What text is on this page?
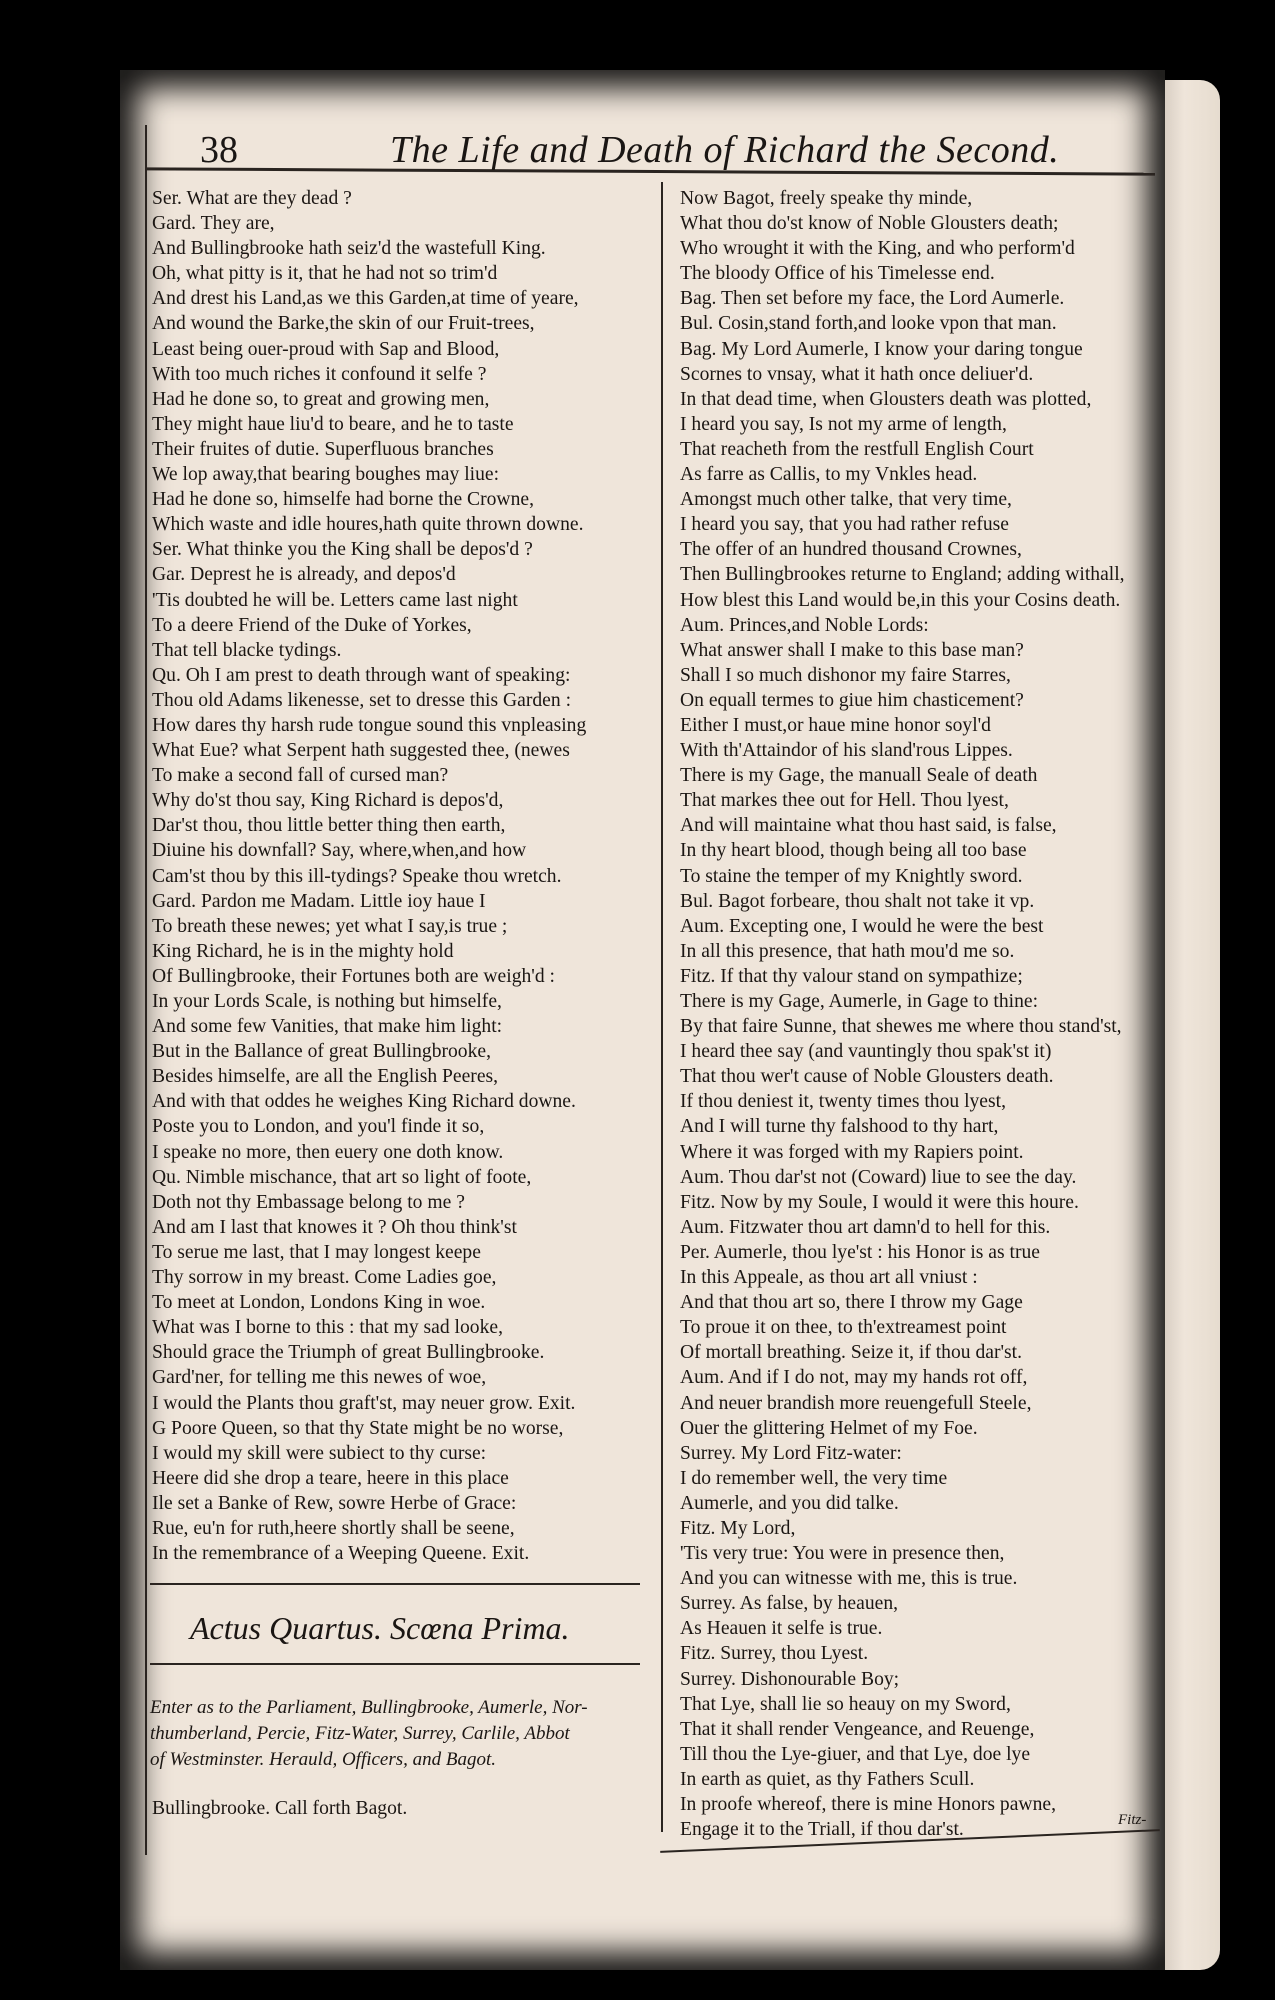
38	The Life and Death of Richard the Second.
Ser. What are they dead ?
Gard. They are,
And Bullingbrooke hath seiz'd the wastefull King.
Oh, what pitty is it, that he had not so trim'd
And drest his Land,as we this Garden,at time of yeare,
And wound the Barke,the skin of our Fruit-trees,
Least being ouer-proud with Sap and Blood,
With too much riches it confound it selfe ?
Had he done so, to great and growing men,
They might haue liu'd to beare, and he to taste
Their fruites of dutie. Superfluous branches
We lop away,that bearing boughes may liue:
Had he done so, himselfe had borne the Crowne,
Which waste and idle houres,hath quite thrown downe.
Ser. What thinke you the King shall be depos'd ?
Gar. Deprest he is already, and depos'd
'Tis doubted he will be. Letters came last night
To a deere Friend of the Duke of Yorkes,
That tell blacke tydings.
Qu. Oh I am prest to death through want of speaking:
Thou old Adams likenesse, set to dresse this Garden :
How dares thy harsh rude tongue sound this vnpleasing
What Eue? what Serpent hath suggested thee, (newes
To make a second fall of cursed man?
Why do'st thou say, King Richard is depos'd,
Dar'st thou, thou little better thing then earth,
Diuine his downfall? Say, where,when,and how
Cam'st thou by this ill-tydings? Speake thou wretch.
Gard. Pardon me Madam. Little ioy haue I
To breath these newes; yet what I say,is true ;
King Richard, he is in the mighty hold
Of Bullingbrooke, their Fortunes both are weigh'd :
In your Lords Scale, is nothing but himselfe,
And some few Vanities, that make him light:
But in the Ballance of great Bullingbrooke,
Besides himselfe, are all the English Peeres,
And with that oddes he weighes King Richard downe.
Poste you to London, and you'l finde it so,
I speake no more, then euery one doth know.
Qu. Nimble mischance, that art so light of foote,
Doth not thy Embassage belong to me ?
And am I last that knowes it ? Oh thou think'st
To serue me last, that I may longest keepe
Thy sorrow in my breast. Come Ladies goe,
To meet at London, Londons King in woe.
What was I borne to this : that my sad looke,
Should grace the Triumph of great Bullingbrooke.
Gard'ner, for telling me this newes of woe,
I would the Plants thou graft'st, may neuer grow. Exit.
G Poore Queen, so that thy State might be no worse,
I would my skill were subiect to thy curse:
Heere did she drop a teare, heere in this place
Ile set a Banke of Rew, sowre Herbe of Grace:
Rue, eu'n for ruth,heere shortly shall be seene,
In the remembrance of a Weeping Queene. Exit.
Actus Quartus. Scœna Prima.
Enter as to the Parliament, Bullingbrooke, Aumerle, Nor-
thumberland, Percie, Fitz-Water, Surrey, Carlile, Abbot
of Westminster. Herauld, Officers, and Bagot.
Bullingbrooke. Call forth Bagot.
Now Bagot, freely speake thy minde,
What thou do'st know of Noble Glousters death;
Who wrought it with the King, and who perform'd
The bloody Office of his Timelesse end.
Bag. Then set before my face, the Lord Aumerle.
Bul. Cosin,stand forth,and looke vpon that man.
Bag. My Lord Aumerle, I know your daring tongue
Scornes to vnsay, what it hath once deliuer'd.
In that dead time, when Glousters death was plotted,
I heard you say, Is not my arme of length,
That reacheth from the restfull English Court
As farre as Callis, to my Vnkles head.
Amongst much other talke, that very time,
I heard you say, that you had rather refuse
The offer of an hundred thousand Crownes,
Then Bullingbrookes returne to England; adding withall,
How blest this Land would be,in this your Cosins death.
Aum. Princes,and Noble Lords:
What answer shall I make to this base man?
Shall I so much dishonor my faire Starres,
On equall termes to giue him chasticement?
Either I must,or haue mine honor soyl'd
With th'Attaindor of his sland'rous Lippes.
There is my Gage, the manuall Seale of death
That markes thee out for Hell. Thou lyest,
And will maintaine what thou hast said, is false,
In thy heart blood, though being all too base
To staine the temper of my Knightly sword.
Bul. Bagot forbeare, thou shalt not take it vp.
Aum. Excepting one, I would he were the best
In all this presence, that hath mou'd me so.
Fitz. If that thy valour stand on sympathize;
There is my Gage, Aumerle, in Gage to thine:
By that faire Sunne, that shewes me where thou stand'st,
I heard thee say (and vauntingly thou spak'st it)
That thou wer't cause of Noble Glousters death.
If thou deniest it, twenty times thou lyest,
And I will turne thy falshood to thy hart,
Where it was forged with my Rapiers point.
Aum. Thou dar'st not (Coward) liue to see the day.
Fitz. Now by my Soule, I would it were this houre.
Aum. Fitzwater thou art damn'd to hell for this.
Per. Aumerle, thou lye'st : his Honor is as true
In this Appeale, as thou art all vniust :
And that thou art so, there I throw my Gage
To proue it on thee, to th'extreamest point
Of mortall breathing. Seize it, if thou dar'st.
Aum. And if I do not, may my hands rot off,
And neuer brandish more reuengefull Steele,
Ouer the glittering Helmet of my Foe.
Surrey. My Lord Fitz-water:
I do remember well, the very time
Aumerle, and you did talke.
Fitz. My Lord,
'Tis very true: You were in presence then,
And you can witnesse with me, this is true.
Surrey. As false, by heauen,
As Heauen it selfe is true.
Fitz. Surrey, thou Lyest.
Surrey. Dishonourable Boy;
That Lye, shall lie so heauy on my Sword,
That it shall render Vengeance, and Reuenge,
Till thou the Lye-giuer, and that Lye, doe lye
In earth as quiet, as thy Fathers Scull.
In proofe whereof, there is mine Honors pawne,
Engage it to the Triall, if thou dar'st.	Fitz-
